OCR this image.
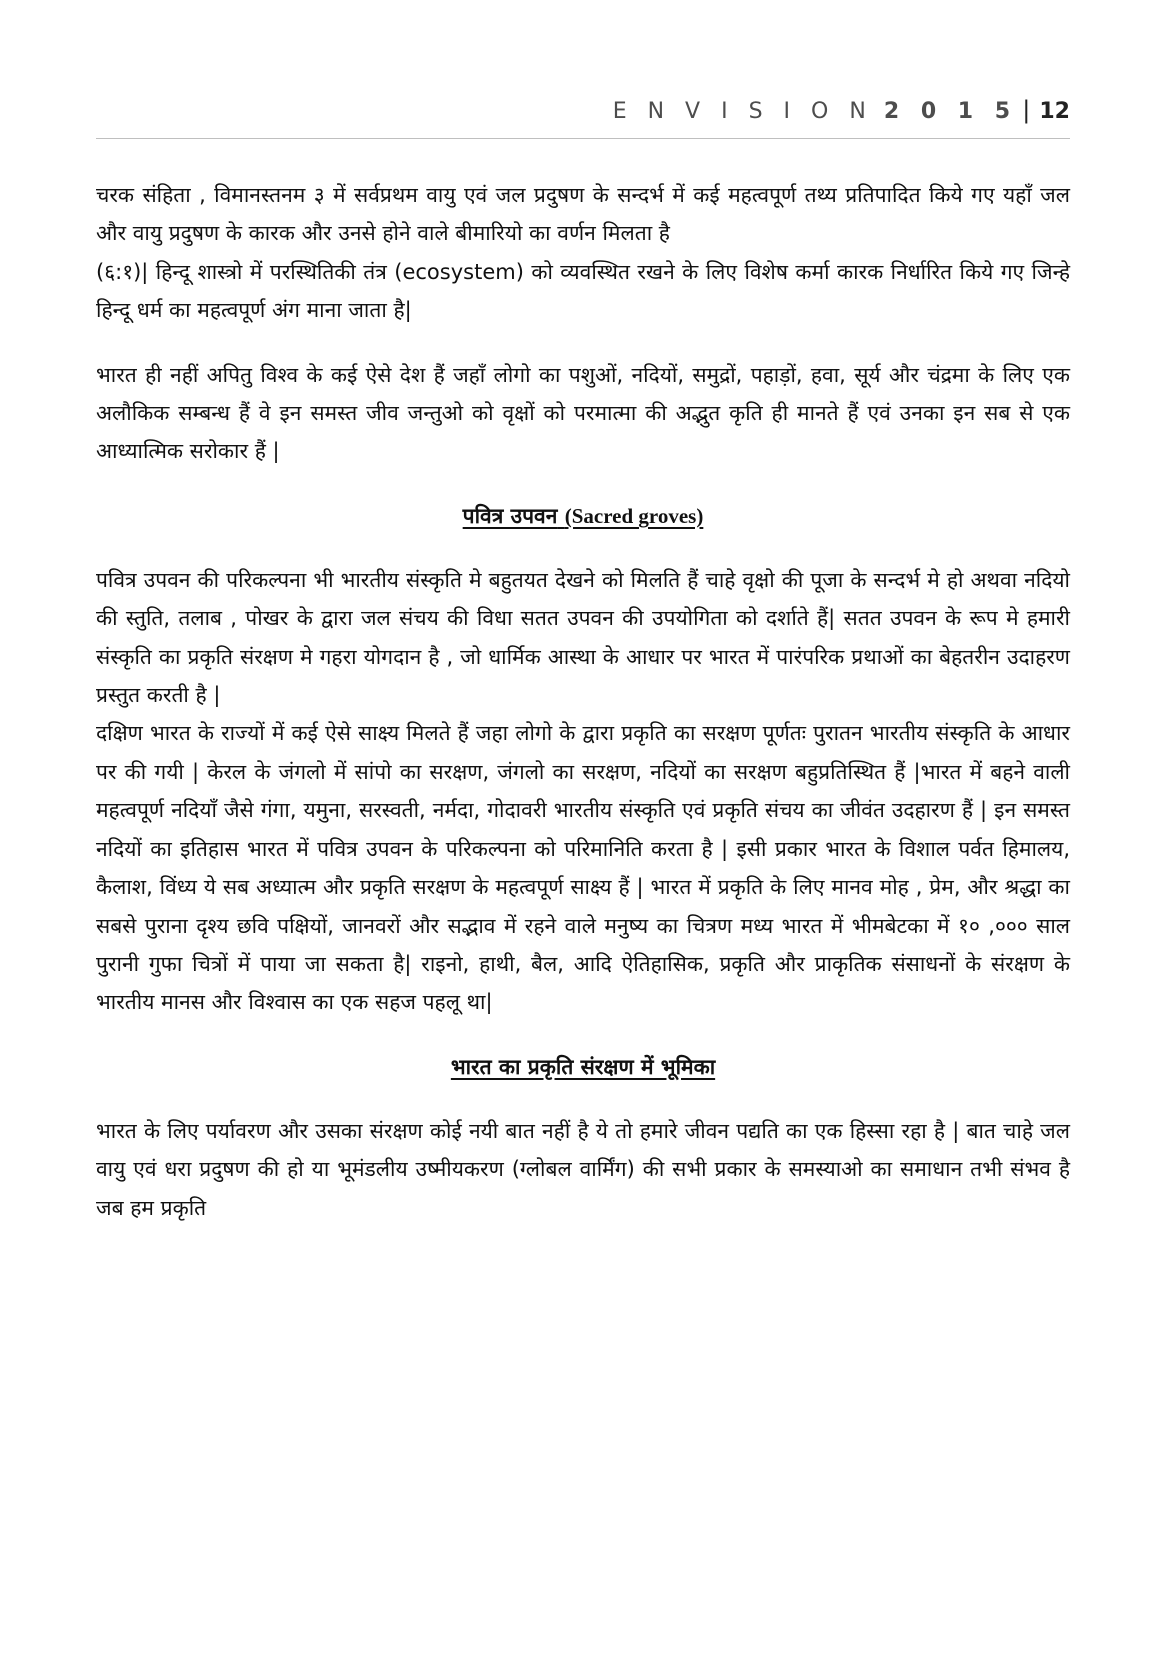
E N V I S I O N 2 0 1 5 | 12

चरक संहिता , विमानस्तनम ३ में सर्वप्रथम वायु एवं जल प्रदुषण के सन्दर्भ में कई महत्वपूर्ण तथ्य प्रतिपादित किये गए यहाँ जल और वायु प्रदुषण के कारक और उनसे होने वाले बीमारियो का वर्णन मिलता है

(६:१)| हिन्दू शास्त्रो में परस्थितिकी तंत्र (ecosystem) को व्यवस्थित रखने के लिए विशेष कर्मा कारक निर्धारित किये गए जिन्हे हिन्दू धर्म का महत्वपूर्ण अंग माना जाता है|

भारत ही नहीं अपितु विश्व के कई ऐसे देश हैं जहाँ लोगो का पशुओं, नदियों, समुद्रों, पहाड़ों, हवा, सूर्य और चंद्रमा के लिए एक अलौकिक सम्बन्ध हैं वे इन समस्त जीव जन्तुओ को वृक्षों को परमात्मा की अद्भुत कृति ही मानते हैं एवं उनका इन सब से एक आध्यात्मिक सरोकार हैं |

पवित्र उपवन (Sacred groves)

पवित्र उपवन की परिकल्पना भी भारतीय संस्कृति मे बहुतयत देखने को मिलति हैं चाहे वृक्षो की पूजा के सन्दर्भ मे हो अथवा नदियो की स्तुति, तलाब , पोखर के द्वारा जल संचय की विधा सतत उपवन की उपयोगिता को दर्शाते हैं| सतत उपवन के रूप मे हमारी संस्कृति का प्रकृति संरक्षण मे गहरा योगदान है , जो धार्मिक आस्था के आधार पर भारत में पारंपरिक प्रथाओं का बेहतरीन उदाहरण प्रस्तुत करती है |

दक्षिण भारत के राज्यों में कई ऐसे साक्ष्य मिलते हैं जहा लोगो के द्वारा प्रकृति का सरक्षण पूर्णतः पुरातन भारतीय संस्कृति के आधार पर की गयी | केरल के जंगलो में सांपो का सरक्षण, जंगलो का सरक्षण, नदियों का सरक्षण बहुप्रतिस्थित हैं |भारत में बहने वाली महत्वपूर्ण नदियाँ जैसे गंगा, यमुना, सरस्वती, नर्मदा, गोदावरी भारतीय संस्कृति एवं प्रकृति संचय का जीवंत उदहारण हैं | इन समस्त नदियों का इतिहास भारत में पवित्र उपवन के परिकल्पना को परिमानिति करता है | इसी प्रकार भारत के विशाल पर्वत हिमालय, कैलाश, विंध्य ये सब अध्यात्म और प्रकृति सरक्षण के महत्वपूर्ण साक्ष्य हैं | भारत में प्रकृति के लिए मानव मोह , प्रेम, और श्रद्धा का सबसे पुराना दृश्य छवि पक्षियों, जानवरों और सद्भाव में रहने वाले मनुष्य का चित्रण मध्य भारत में भीमबेटका में १० ,००० साल पुरानी गुफा चित्रों में पाया जा सकता है| राइनो, हाथी, बैल, आदि ऐतिहासिक, प्रकृति और प्राकृतिक संसाधनों के संरक्षण के भारतीय मानस और विश्वास का एक सहज पहलू था|

भारत का प्रकृति संरक्षण में भूमिका

भारत के लिए पर्यावरण और उसका संरक्षण कोई नयी बात नहीं है ये तो हमारे जीवन पद्यति का एक हिस्सा रहा है | बात चाहे जल वायु एवं धरा प्रदुषण की हो या भूमंडलीय उष्मीयकरण (ग्लोबल वार्मिंग) की सभी प्रकार के समस्याओ का समाधान तभी संभव है जब हम प्रकृति
